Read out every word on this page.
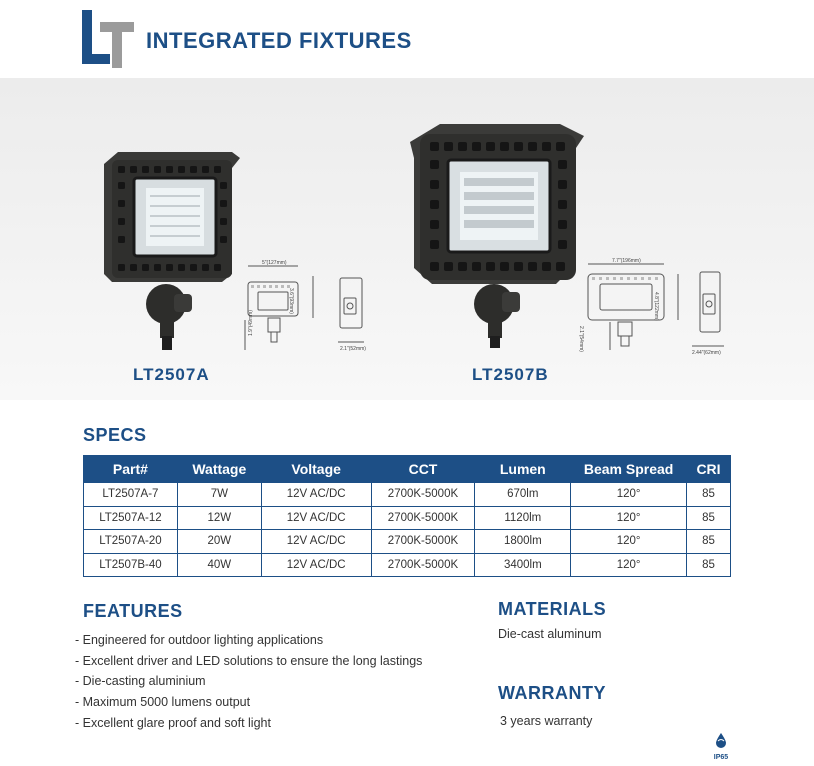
INTEGRATED FIXTURES
5"(127mm)
3.6"(93mm)
1.9"(49mm)
2.1"(52mm)
7.7"(196mm)
4.8"(122mm)
2.1"(54mm)
2.44"(62mm)
LT2507A	LT2507B
SPECS
Part#	Wattage	Voltage	CCT	Lumen	Beam Spread	CRI
LT2507A-7	7W	12V AC/DC	2700K-5000K	670lm	120°	85
LT2507A-12	12W	12V AC/DC	2700K-5000K	1120lm	120°	85
LT2507A-20	20W	12V AC/DC	2700K-5000K	1800lm	120°	85
LT2507B-40	40W	12V AC/DC	2700K-5000K	3400lm	120°	85
FEATURES
- Engineered for outdoor lighting applications
- Excellent driver and LED solutions to ensure the long lastings
- Die-casting aluminium
- Maximum 5000 lumens output
- Excellent glare proof and soft light
MATERIALS
Die-cast aluminum
WARRANTY
3 years warranty
IP65
